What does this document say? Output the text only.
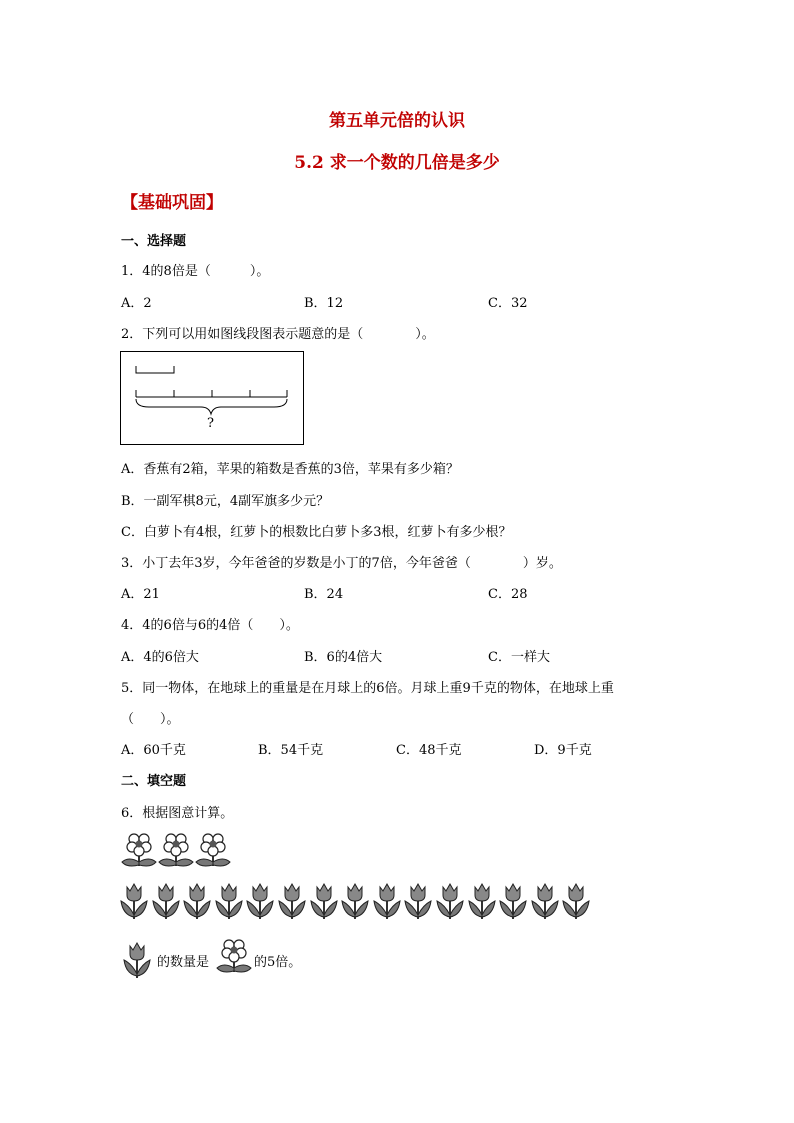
第五单元倍的认识
5.2 求一个数的几倍是多少
【基础巩固】
一、选择题
1．4的8倍是（　　　）。
A．2	B．12	C．32
2．下列可以用如图线段图表示题意的是（　　　　）。
?
A．香蕉有2箱，苹果的箱数是香蕉的3倍，苹果有多少箱？
B．一副军棋8元，4副军旗多少元？
C．白萝卜有4根，红萝卜的根数比白萝卜多3根，红萝卜有多少根？
3．小丁去年3岁，今年爸爸的岁数是小丁的7倍，今年爸爸（　　　　）岁。
A．21	B．24	C．28
4．4的6倍与6的4倍（　　）。
A．4的6倍大	B．6的4倍大	C．一样大
5．同一物体，在地球上的重量是在月球上的6倍。月球上重9千克的物体，在地球上重
（　　）。
A．60千克	B．54千克	C．48千克	D．9千克
二、填空题
6．根据图意计算。
的数量是	的5倍。
